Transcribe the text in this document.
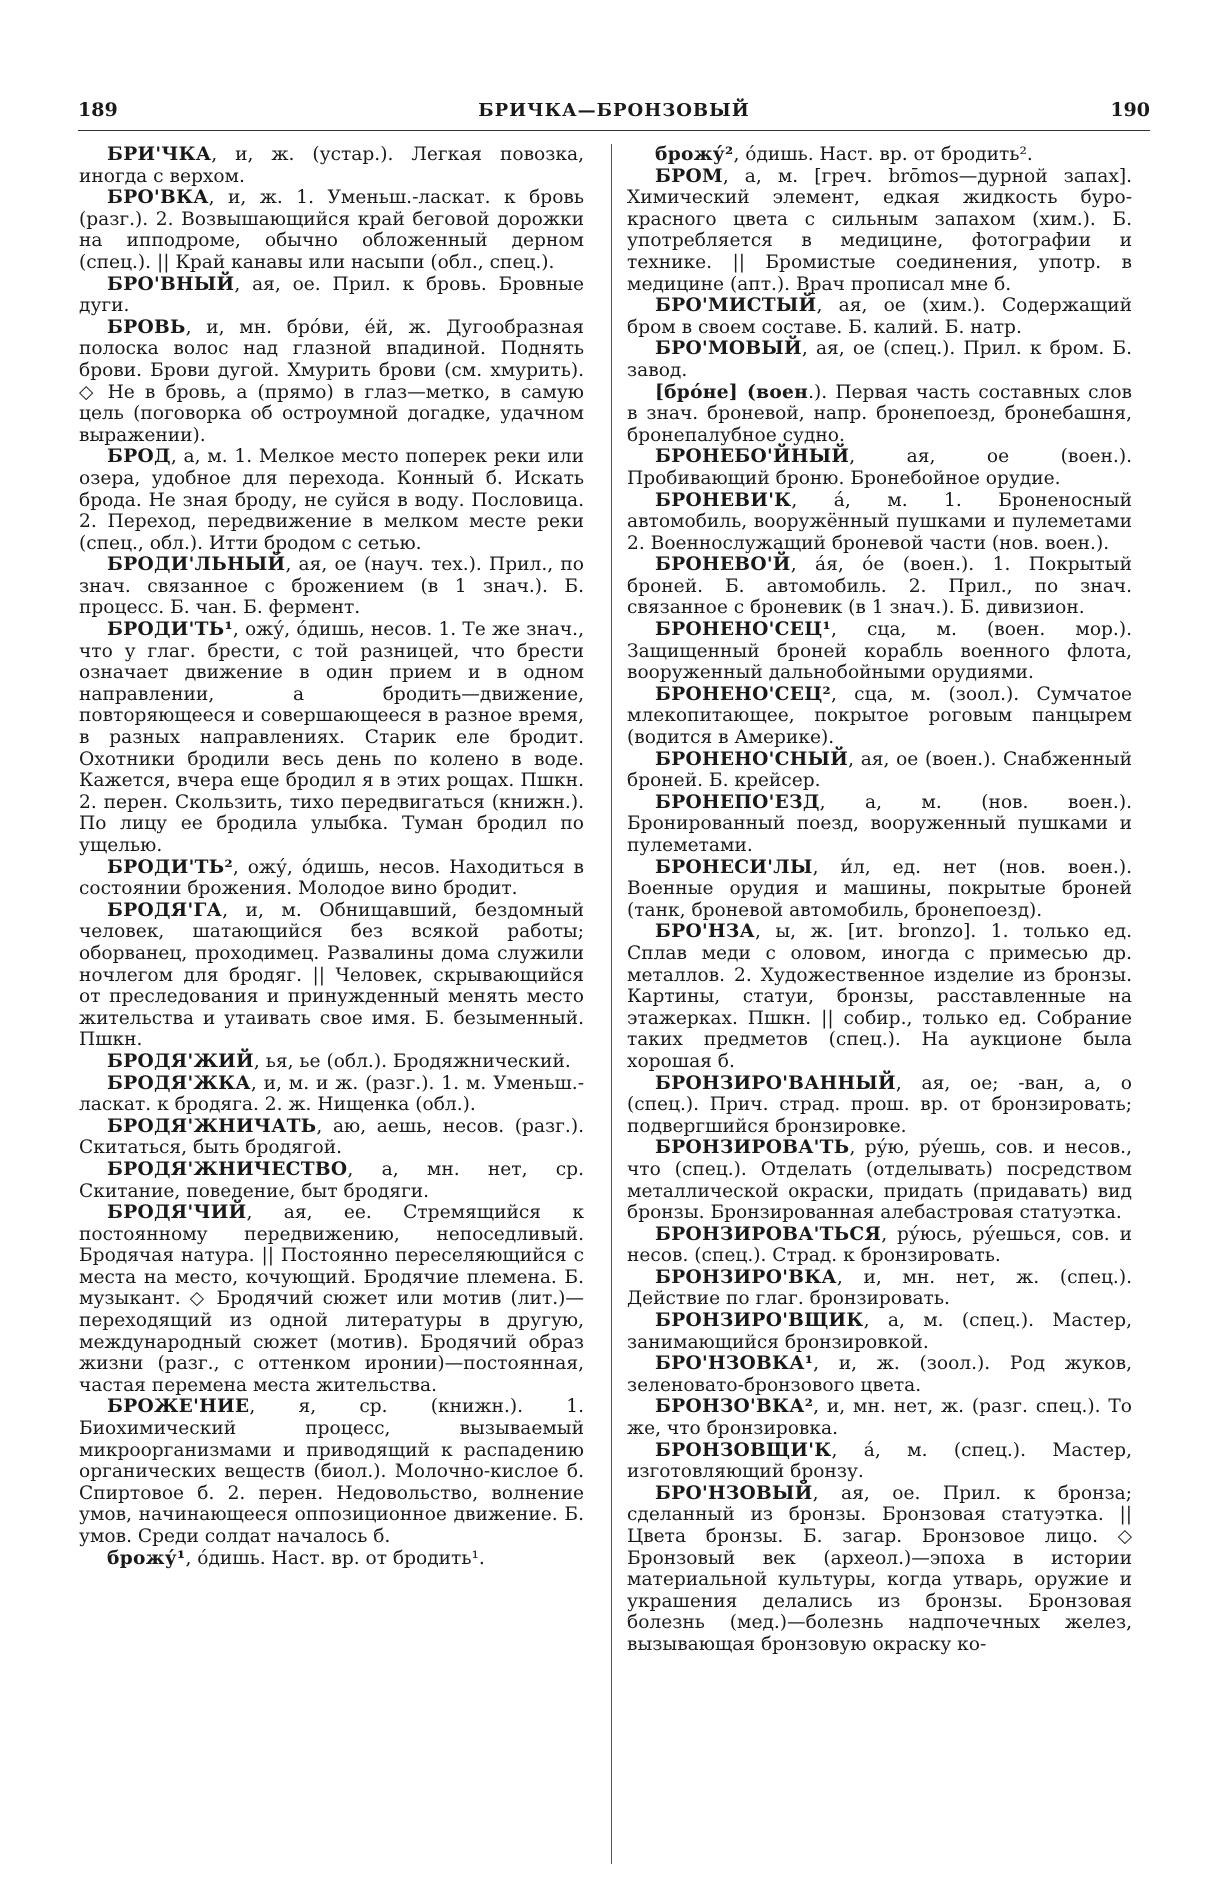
189	БРИЧКА—БРОНЗОВЫЙ	190

БРИ'ЧКА, и, ж. (устар.). Легкая повозка, иногда с верхом.

БРО'ВКА, и, ж. 1. Уменьш.-ласкат. к бровь (разг.). 2. Возвышающийся край беговой дорожки на ипподроме, обычно обложенный дерном (спец.). || Край канавы или насыпи (обл., спец.).

БРО'ВНЫЙ, ая, ое. Прил. к бровь. Бровные дуги.

БРОВЬ, и, мн. бро́ви, е́й, ж. Дугообразная полоска волос над глазной впадиной. Поднять брови. Брови дугой. Хмурить брови (см. хмурить). ◇ Не в бровь, а (прямо) в глаз—метко, в самую цель (поговорка об остроумной догадке, удачном выражении).

БРОД, а, м. 1. Мелкое место поперек реки или озера, удобное для перехода. Конный б. Искать брода. Не зная броду, не суйся в воду. Пословица. 2. Переход, передвижение в мелком месте реки (спец., обл.). Итти бродом с сетью.

БРОДИ'ЛЬНЫЙ, ая, ое (науч. тех.). Прил., по знач. связанное с брожением (в 1 знач.). Б. процесс. Б. чан. Б. фермент.

БРОДИ'ТЬ¹, ожу́, о́дишь, несов. 1. Те же знач., что у глаг. брести, с той разницей, что брести означает движение в один прием и в одном направлении, а бродить—движение, повторяющееся и совершающееся в разное время, в разных направлениях. Старик еле бродит. Охотники бродили весь день по колено в воде. Кажется, вчера еще бродил я в этих рощах. Пшкн. 2. перен. Скользить, тихо передвигаться (книжн.). По лицу ее бродила улыбка. Туман бродил по ущелью.

БРОДИ'ТЬ², ожу́, о́дишь, несов. Находиться в состоянии брожения. Молодое вино бродит.

БРОДЯ'ГА, и, м. Обнищавший, бездомный человек, шатающийся без всякой работы; оборванец, проходимец. Развалины дома служили ночлегом для бродяг. || Человек, скрывающийся от преследования и принужденный менять место жительства и утаивать свое имя. Б. безыменный. Пшкн.

БРОДЯ'ЖИЙ, ья, ье (обл.). Бродяжнический.

БРОДЯ'ЖКА, и, м. и ж. (разг.). 1. м. Уменьш.-ласкат. к бродяга. 2. ж. Нищенка (обл.).

БРОДЯ'ЖНИЧАТЬ, аю, аешь, несов. (разг.). Скитаться, быть бродягой.

БРОДЯ'ЖНИЧЕСТВО, а, мн. нет, ср. Скитание, поведение, быт бродяги.

БРОДЯ'ЧИЙ, ая, ее. Стремящийся к постоянному передвижению, непоседливый. Бродячая натура. || Постоянно переселяющийся с места на место, кочующий. Бродячие племена. Б. музыкант. ◇ Бродячий сюжет или мотив (лит.)—переходящий из одной литературы в другую, международный сюжет (мотив). Бродячий образ жизни (разг., с оттенком иронии)—постоянная, частая перемена места жительства.

БРОЖЕ'НИЕ, я, ср. (книжн.). 1. Биохимический процесс, вызываемый микроорганизмами и приводящий к распадению органических веществ (биол.). Молочно-кислое б. Спиртовое б. 2. перен. Недовольство, волнение умов, начинающееся оппозиционное движение. Б. умов. Среди солдат началось б.

брожу́¹, о́дишь. Наст. вр. от бродить¹.

брожу́², о́дишь. Наст. вр. от бродить².

БРОМ, а, м. [греч. brōmos—дурной запах]. Химический элемент, едкая жидкость буро-красного цвета с сильным запахом (хим.). Б. употребляется в медицине, фотографии и технике. || Бромистые соединения, употр. в медицине (апт.). Врач прописал мне б.

БРО'МИСТЫЙ, ая, ое (хим.). Содержащий бром в своем составе. Б. калий. Б. натр.

БРО'МОВЫЙ, ая, ое (спец.). Прил. к бром. Б. завод.

[бро́не] (воен.). Первая часть составных слов в знач. броневой, напр. бронепоезд, бронебашня, бронепалубное судно.

БРОНЕБО'ЙНЫЙ, ая, ое (воен.). Пробивающий броню. Бронебойное орудие.

БРОНЕВИ'К, а́, м. 1. Броненосный автомобиль, вооружённый пушками и пулеметами 2. Военнослужащий броневой части (нов. воен.).

БРОНЕВО'Й, а́я, о́е (воен.). 1. Покрытый броней. Б. автомобиль. 2. Прил., по знач. связанное с броневик (в 1 знач.). Б. дивизион.

БРОНЕНО'СЕЦ¹, сца, м. (воен. мор.). Защищенный броней корабль военного флота, вооруженный дальнобойными орудиями.

БРОНЕНО'СЕЦ², сца, м. (зоол.). Сумчатое млекопитающее, покрытое роговым панцырем (водится в Америке).

БРОНЕНО'СНЫЙ, ая, ое (воен.). Снабженный броней. Б. крейсер.

БРОНЕПО'ЕЗД, а, м. (нов. воен.). Бронированный поезд, вооруженный пушками и пулеметами.

БРОНЕСИ'ЛЫ, и́л, ед. нет (нов. воен.). Военные орудия и машины, покрытые броней (танк, броневой автомобиль, бронепоезд).

БРО'НЗА, ы, ж. [ит. bronzo]. 1. только ед. Сплав меди с оловом, иногда с примесью др. металлов. 2. Художественное изделие из бронзы. Картины, статуи, бронзы, расставленные на этажерках. Пшкн. || собир., только ед. Собрание таких предметов (спец.). На аукционе была хорошая б.

БРОНЗИРО'ВАННЫЙ, ая, ое; -ван, а, о (спец.). Прич. страд. прош. вр. от бронзировать; подвергшийся бронзировке.

БРОНЗИРОВА'ТЬ, ру́ю, ру́ешь, сов. и несов., что (спец.). Отделать (отделывать) посредством металлической окраски, придать (придавать) вид бронзы. Бронзированная алебастровая статуэтка.

БРОНЗИРОВА'ТЬСЯ, ру́юсь, ру́ешься, сов. и несов. (спец.). Страд. к бронзировать.

БРОНЗИРО'ВКА, и, мн. нет, ж. (спец.). Действие по глаг. бронзировать.

БРОНЗИРО'ВЩИК, а, м. (спец.). Мастер, занимающийся бронзировкой.

БРО'НЗОВКА¹, и, ж. (зоол.). Род жуков, зеленовато-бронзового цвета.

БРОНЗО'ВКА², и, мн. нет, ж. (разг. спец.). То же, что бронзировка.

БРОНЗОВЩИ'К, а́, м. (спец.). Мастер, изготовляющий бронзу.

БРО'НЗОВЫЙ, ая, ое. Прил. к бронза; сделанный из бронзы. Бронзовая статуэтка. || Цвета бронзы. Б. загар. Бронзовое лицо. ◇ Бронзовый век (археол.)—эпоха в истории материальной культуры, когда утварь, оружие и украшения делались из бронзы. Бронзовая болезнь (мед.)—болезнь надпочечных желез, вызывающая бронзовую окраску ко-
